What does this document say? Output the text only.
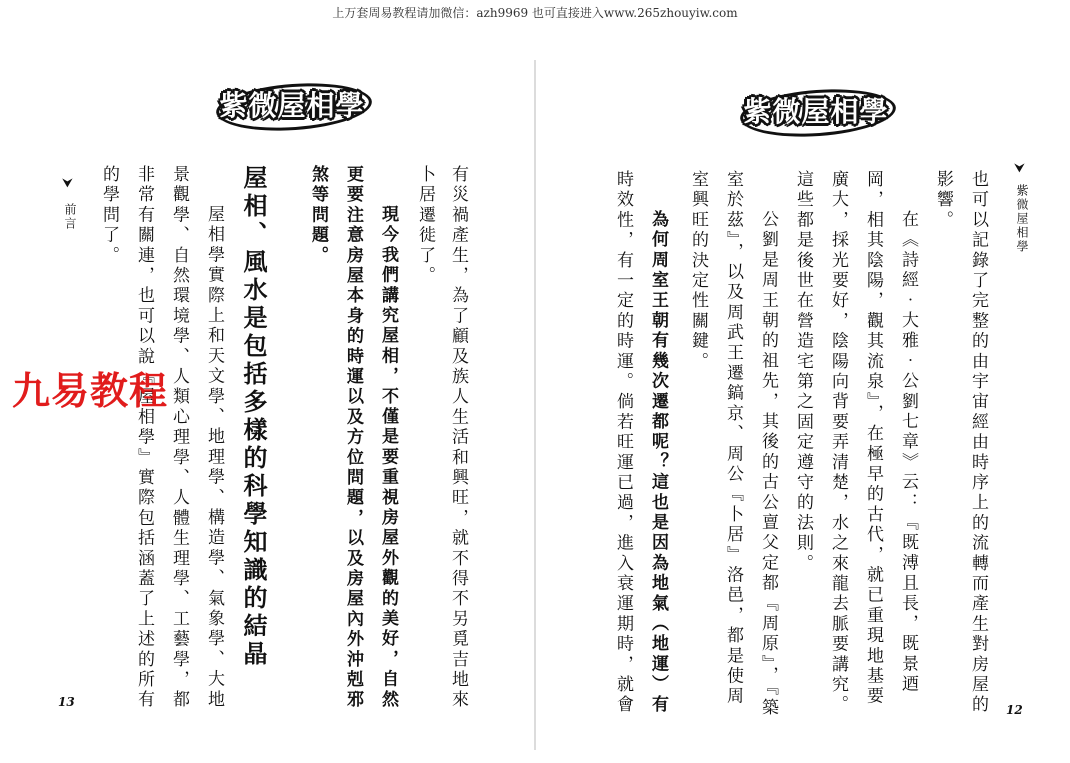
上万套周易教程请加微信：azh9969 也可直接进入www.265zhouyiw.com
紫微屋相學
有災禍產生，為了顧及族人生活和興旺，就不得不另覓吉地來
卜居遷徙了。
現今我們講究屋相，不僅是要重視房屋外觀的美好，自然
更要注意房屋本身的時運以及方位問題，以及房屋內外沖剋邪
煞等問題。
屋相、風水是包括多樣的科學知識的結晶
屋相學實際上和天文學、地理學、構造學、氣象學、大地
景觀學、自然環境學、人類心理學、人體生理學、工藝學，都
非常有關連，也可以說『屋相學』實際包括涵蓋了上述的所有
的學問了。
⮟
前言
13
紫微屋相學
⮟
紫微屋相學
也可以記錄了完整的由宇宙經由時序上的流轉而產生對房屋的
影響。
在《詩經‧大雅‧公劉七章》云：『既溥且長，既景迺
岡，相其陰陽，觀其流泉』，在極早的古代，就已重現地基要
廣大，採光要好，陰陽向背要弄清楚，水之來龍去脈要講究。
這些都是後世在營造宅第之固定遵守的法則。
公劉是周王朝的祖先，其後的古公亶父定都『周原』，『築
室於茲』，以及周武王遷鎬京、周公『卜居』洛邑，都是使周
室興旺的決定性關鍵。
為何周室王朝有幾次遷都呢？這也是因為地氣（地運）有
時效性，有一定的時運。倘若旺運已過，進入衰運期時，就會	12
九易教程
